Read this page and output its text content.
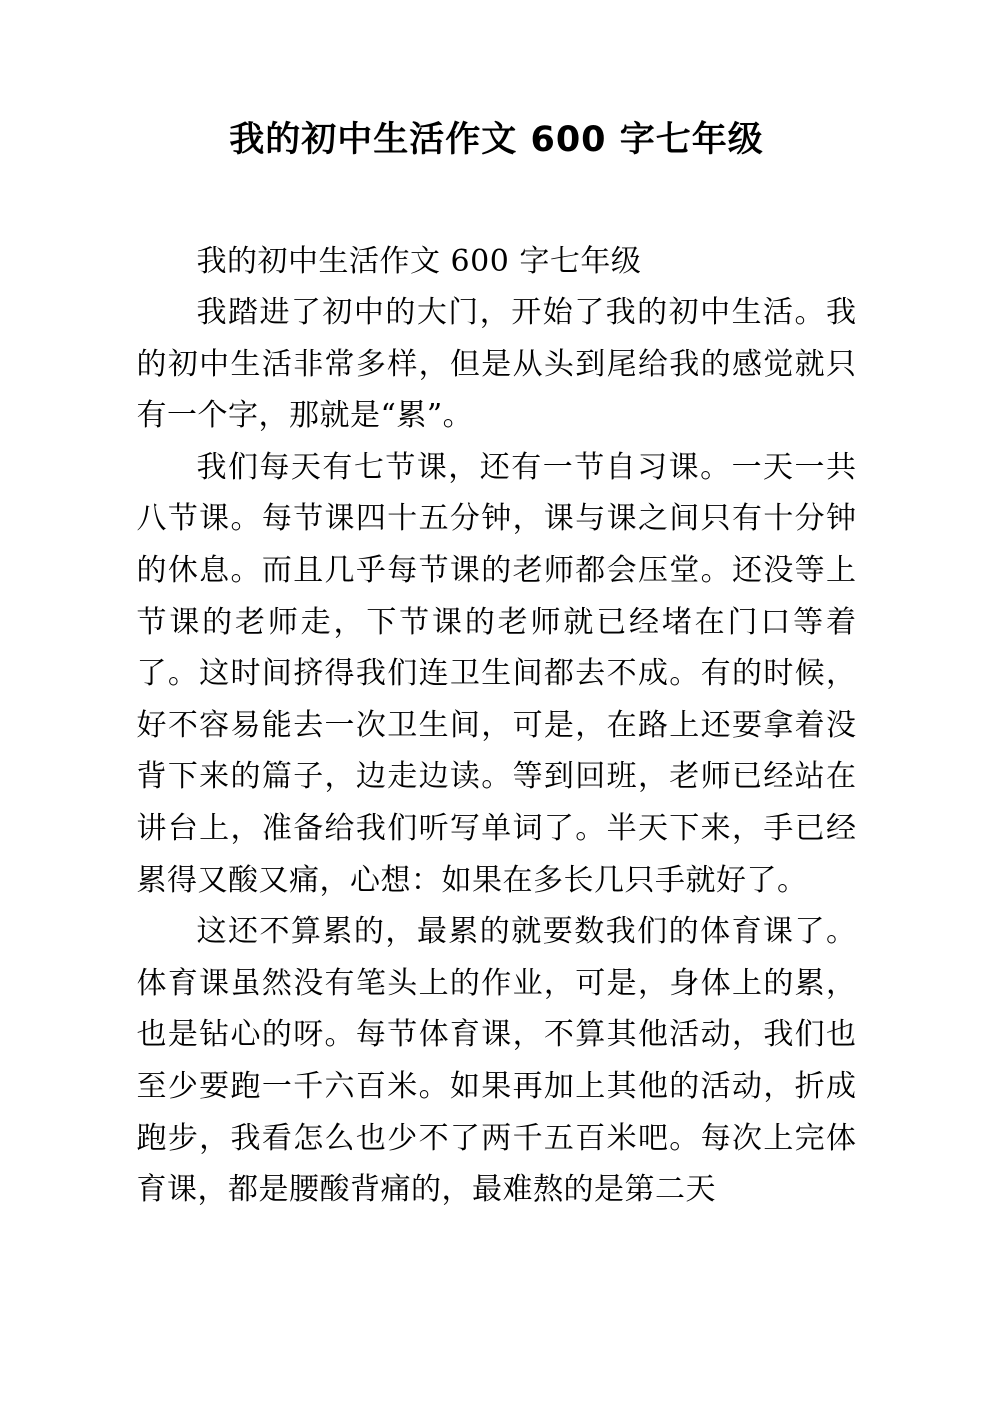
我的初中生活作文 600 字七年级

我的初中生活作文 600 字七年级

我踏进了初中的大门，开始了我的初中生活。我的初中生活非常多样，但是从头到尾给我的感觉就只有一个字，那就是“累”。

我们每天有七节课，还有一节自习课。一天一共八节课。每节课四十五分钟，课与课之间只有十分钟的休息。而且几乎每节课的老师都会压堂。还没等上节课的老师走，下节课的老师就已经堵在门口等着了。这时间挤得我们连卫生间都去不成。有的时候，好不容易能去一次卫生间，可是，在路上还要拿着没背下来的篇子，边走边读。等到回班，老师已经站在讲台上，准备给我们听写单词了。半天下来，手已经累得又酸又痛，心想：如果在多长几只手就好了。

这还不算累的，最累的就要数我们的体育课了。体育课虽然没有笔头上的作业，可是，身体上的累，也是钻心的呀。每节体育课，不算其他活动，我们也至少要跑一千六百米。如果再加上其他的活动，折成跑步，我看怎么也少不了两千五百米吧。每次上完体育课，都是腰酸背痛的，最难熬的是第二天
